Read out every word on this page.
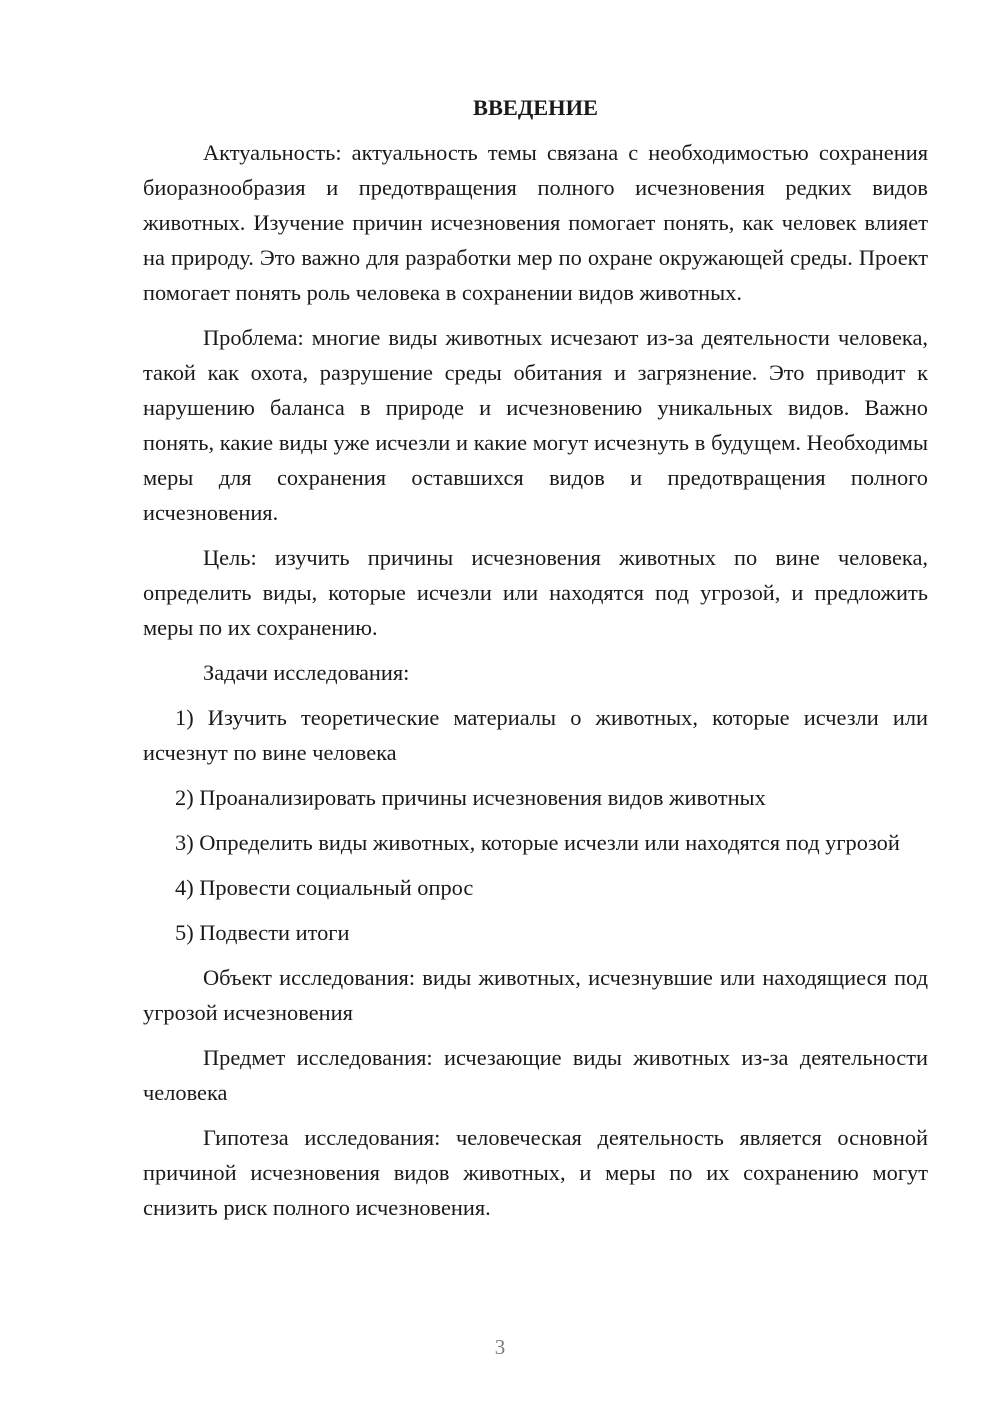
ВВЕДЕНИЕ

Актуальность: актуальность темы связана с необходимостью сохранения биоразнообразия и предотвращения полного исчезновения редких видов животных. Изучение причин исчезновения помогает понять, как человек влияет на природу. Это важно для разработки мер по охране окружающей среды. Проект помогает понять роль человека в сохранении видов животных.

Проблема: многие виды животных исчезают из-за деятельности человека, такой как охота, разрушение среды обитания и загрязнение. Это приводит к нарушению баланса в природе и исчезновению уникальных видов. Важно понять, какие виды уже исчезли и какие могут исчезнуть в будущем. Необходимы меры для сохранения оставшихся видов и предотвращения полного исчезновения.

Цель: изучить причины исчезновения животных по вине человека, определить виды, которые исчезли или находятся под угрозой, и предложить меры по их сохранению.

Задачи исследования:

1) Изучить теоретические материалы о животных, которые исчезли или исчезнут по вине человека

2) Проанализировать причины исчезновения видов животных

3) Определить виды животных, которые исчезли или находятся под угрозой

4) Провести социальный опрос

5) Подвести итоги

Объект исследования: виды животных, исчезнувшие или находящиеся под угрозой исчезновения

Предмет исследования: исчезающие виды животных из-за деятельности человека

Гипотеза исследования: человеческая деятельность является основной причиной исчезновения видов животных, и меры по их сохранению могут снизить риск полного исчезновения.

3
